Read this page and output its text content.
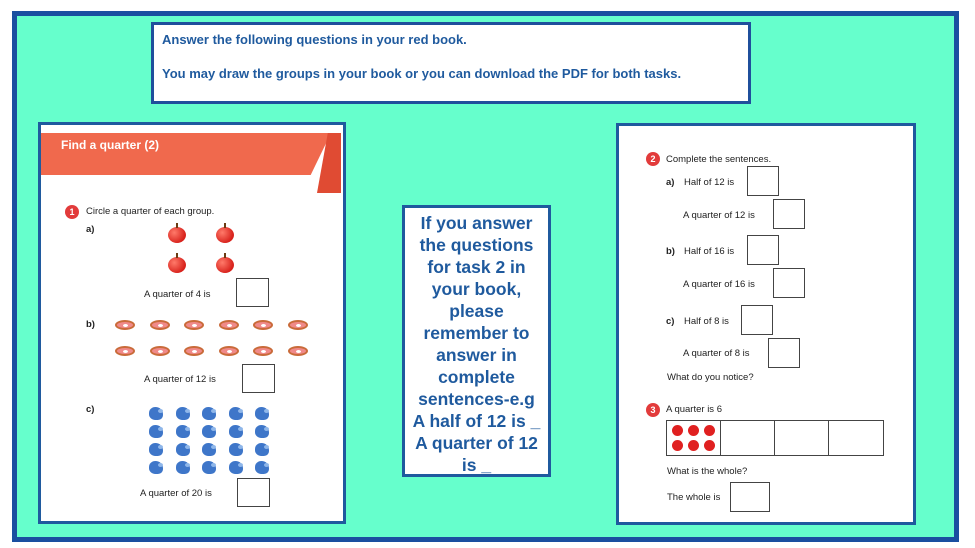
Answer the following questions in your red book.
You may draw the groups in your book or you can download the PDF for both tasks.
Find a quarter (2)
1	Circle a quarter of each group.
a)
A quarter of 4 is
b)
A quarter of 12 is
c)
A quarter of 20 is
If you answer
the questions
for task 2 in
your book,
please
remember to
answer in
complete
sentences-e.g
A half of 12 is _
A quarter of 12
is _
2	Complete the sentences.
a) Half of 12 is
A quarter of 12 is
b) Half of 16 is
A quarter of 16 is
c) Half of 8 is
A quarter of 8 is
What do you notice?
3	A quarter is 6
What is the whole?
The whole is
